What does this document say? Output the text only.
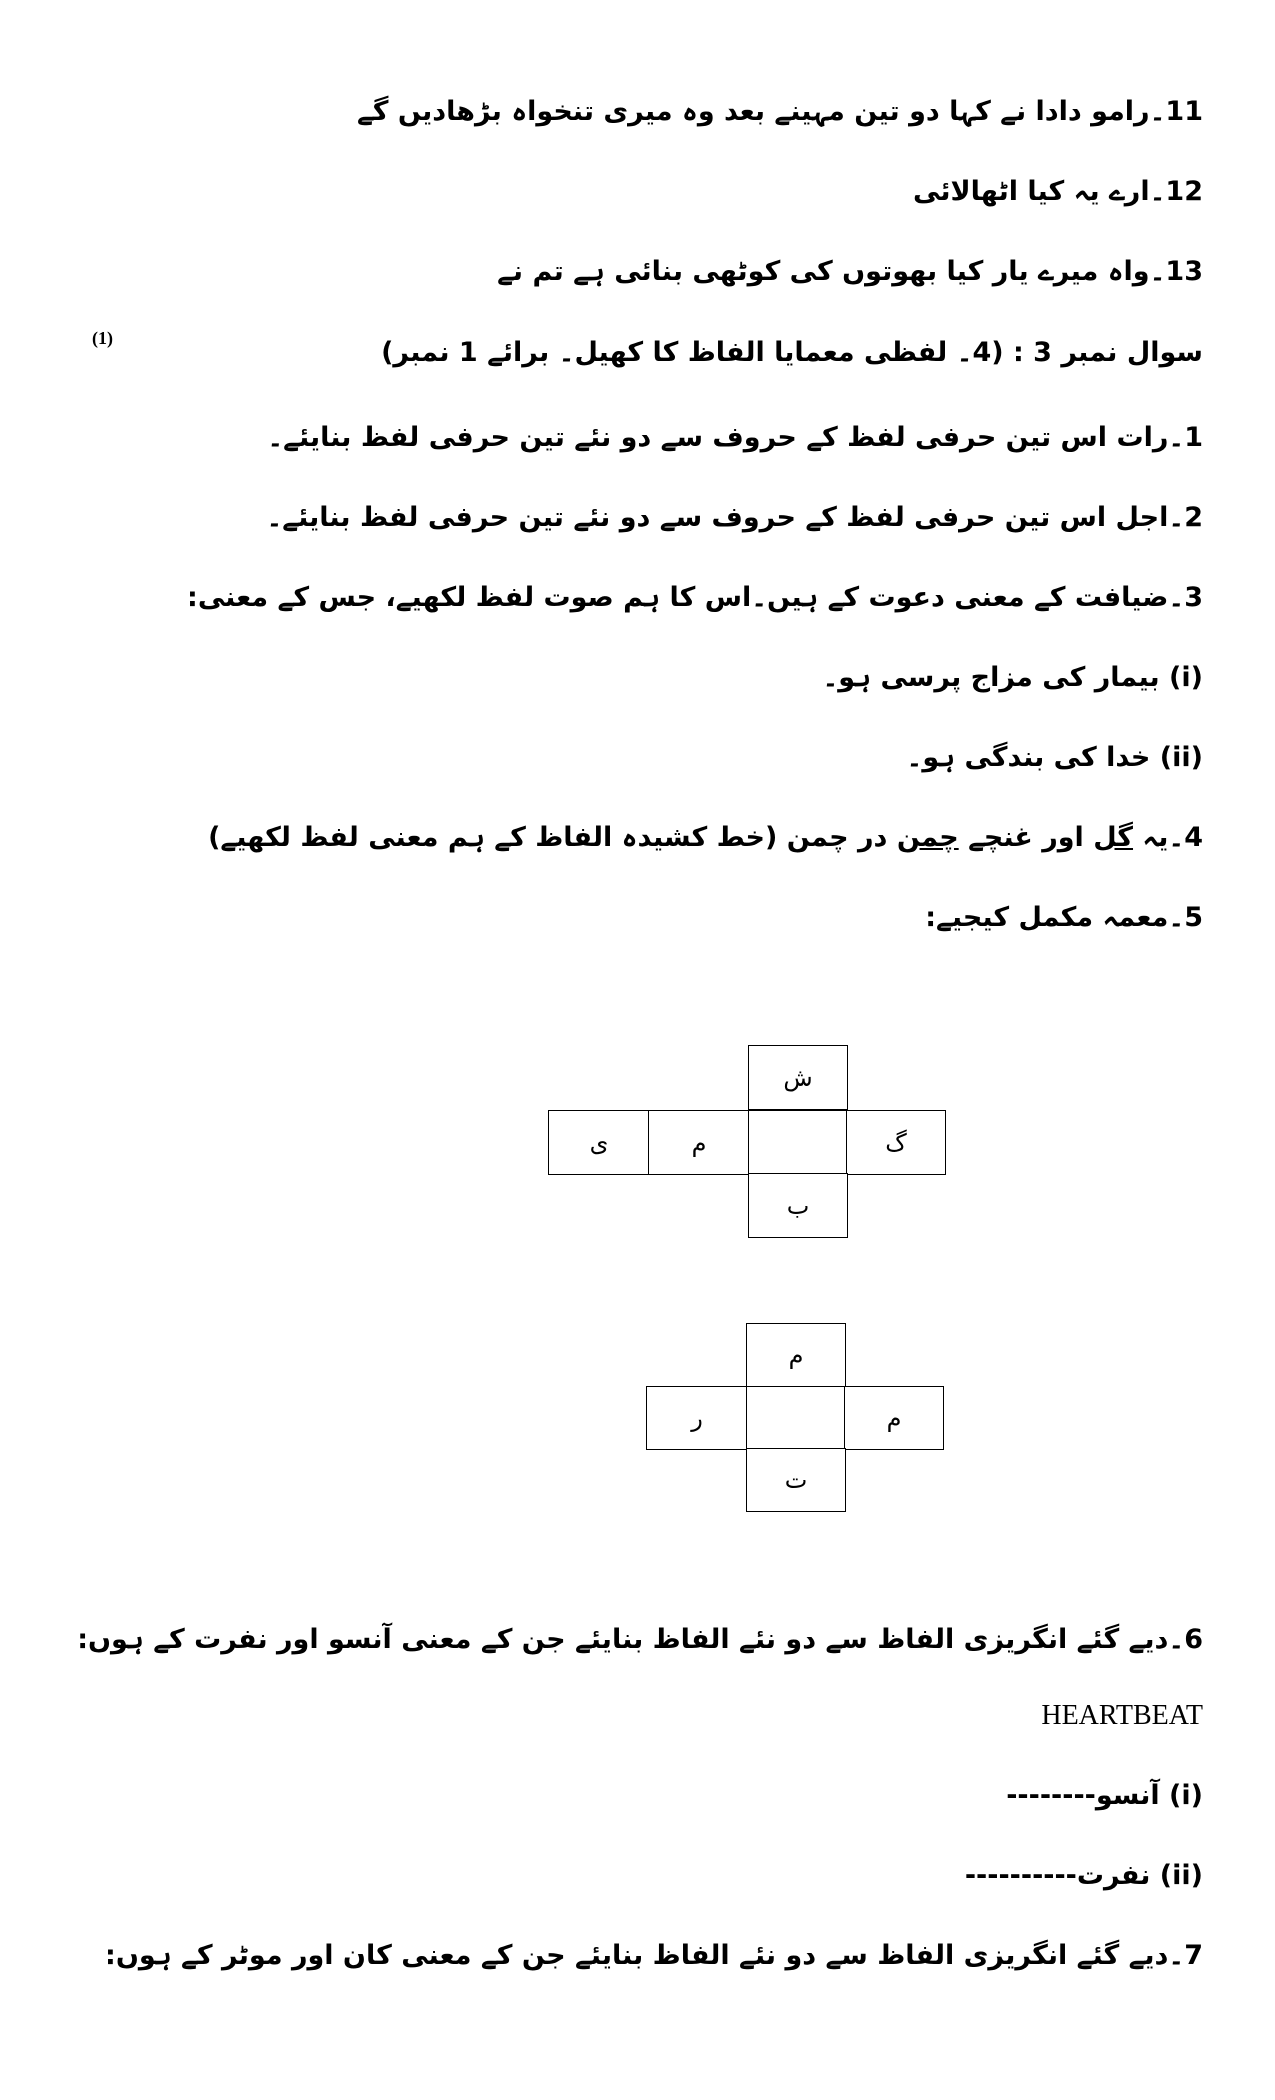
11۔رامو دادا نے کہا دو تین مہینے بعد وہ میری تنخواہ بڑھادیں گے
12۔ارے یہ کیا اٹھالائی
13۔واہ میرے یار کیا بھوتوں کی کوٹھی بنائی ہے تم نے
سوال نمبر 3 : (4۔ لفظی معمایا الفاظ کا کھیل۔ برائے 1 نمبر)
(1)
1۔رات اس تین حرفی لفظ کے حروف سے دو نئے تین حرفی لفظ بنایئے۔
2۔اجل اس تین حرفی لفظ کے حروف سے دو نئے تین حرفی لفظ بنایئے۔
3۔ضیافت کے معنی دعوت کے ہیں۔اس کا ہم صوت لفظ لکھیے، جس کے معنی:
(i) بیمار کی مزاج پرسی ہو۔
(ii) خدا کی بندگی ہو۔
4۔یہ گل اور غنچے چمن در چمن (خط کشیدہ الفاظ کے ہم معنی لفظ لکھیے)
5۔معمہ مکمل کیجیے:
ش
ی	م	گ
ب
م
ر	م
ت
6۔دیے گئے انگریزی الفاظ سے دو نئے الفاظ بنایئے جن کے معنی آنسو اور نفرت کے ہوں:
HEARTBEAT
(i) آنسو--------
(ii) نفرت----------
7۔دیے گئے انگریزی الفاظ سے دو نئے الفاظ بنایئے جن کے معنی کان اور موٹر کے ہوں:
